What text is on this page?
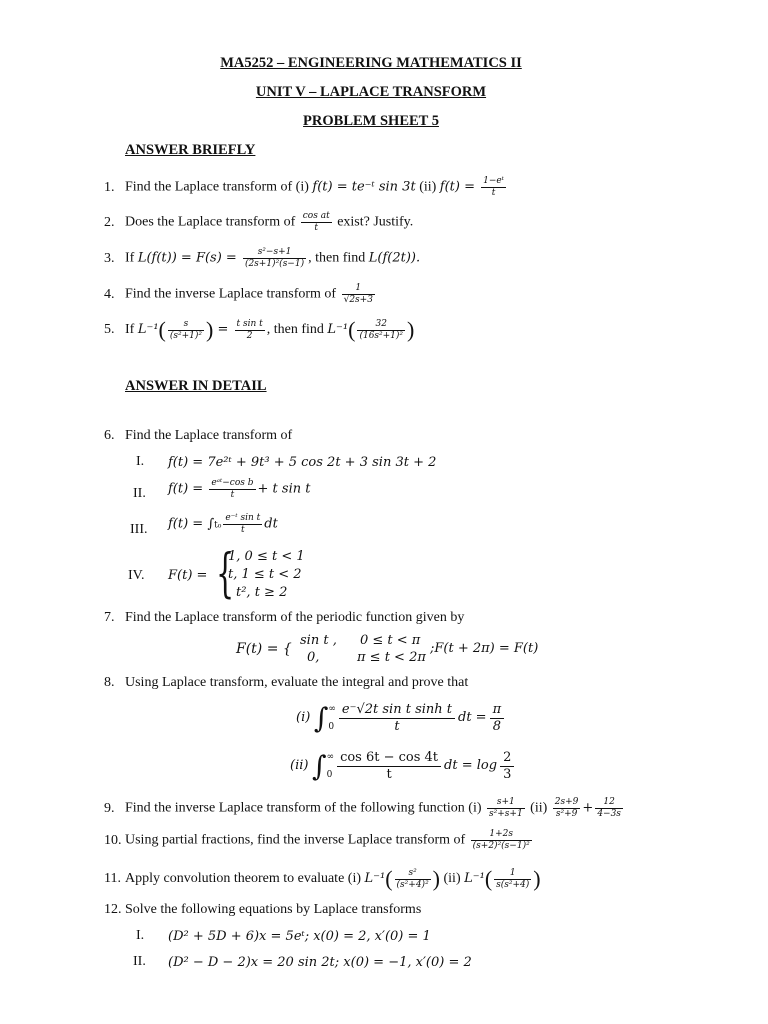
MA5252 – ENGINEERING MATHEMATICS II
UNIT V – LAPLACE TRANSFORM
PROBLEM SHEET 5
ANSWER BRIEFLY
1. Find the Laplace transform of (i) f(t) = te⁻ᵗ sin 3t (ii) $f(t) = \frac{\text{1−eᵗ}}{t}$
2. Does the Laplace transform of $\frac{\text{cos at}}{t}$ exist? Justify.
3. If $L(f(t)) = F(s) = \frac{\text{s²−s+1}}{\text{(2s+1)²(s−1)}}$ , then find L(f(2t)).
4. Find the inverse Laplace transform of $\frac{1}{√2s+3}$
5. If $L^{-1}( \frac{s}{\text{(s²+1)²}}$ ) = $\frac{\text{t sin t}}{2}$ , then find $L^{-1}( \frac{32}{\text{(16s²+1)²}}$ )
ANSWER IN DETAIL
6. Find the Laplace transform of
I. f(t) = 7e²ᵗ + 9t³ + 5 cos 2t + 3 sin 3t + 2
II. $f(t) = \frac{\text{eᵃᵗ−cos b}}{t} + t$ sin t
III. $f(t) = \int t_0 \frac{\text{e⁻ᵗ sin t}}{t}$ dt
IV. F(t) = {
1, 0 ≤ t < 1
t, 1 ≤ t < 2
t², t ≥ 2
7. Find the Laplace transform of the periodic function given by
F(t) = {
sin t , 0 ≤ t < π
0,	π ≤ t < 2π
;F(t + 2π) = F(t)
8. Using Laplace transform, evaluate the integral and prove that
(i) ∫ ∞
$0 \frac{\text{e⁻√2t sin t sinh t}}{t}$ dt = $\frac{\pi}{8}$
(ii) ∫ ∞
$0 \frac{\cos 6t - \cos 4t}{t}$ dt = $\log \frac{2}{3}$
9. Find the inverse Laplace transform of the following function $(i) \frac{s+1}{\text{s²+s+1}} (ii) \frac{2s+9}{\text{s²+9}} + \frac{12}{4-3s}$
10. Using partial fractions, find the inverse Laplace transform of $\frac{1+2s}{\text{(s+2)²(s−1)²}}$
11. Apply convolution theorem to evaluate (i) $L^{-1}( \frac{\text{s²}}{\text{(s²+4)²}}$ ) (ii) $L^{-1}( \frac{1}{\text{s(s²+4)}}$ )
12. Solve the following equations by Laplace transforms
I. (D² + 5D + 6)x = 5eᵗ; x(0) = 2, x′(0) = 1
II. (D² − D − 2)x = 20 sin 2t; x(0) = −1, x′(0) = 2
